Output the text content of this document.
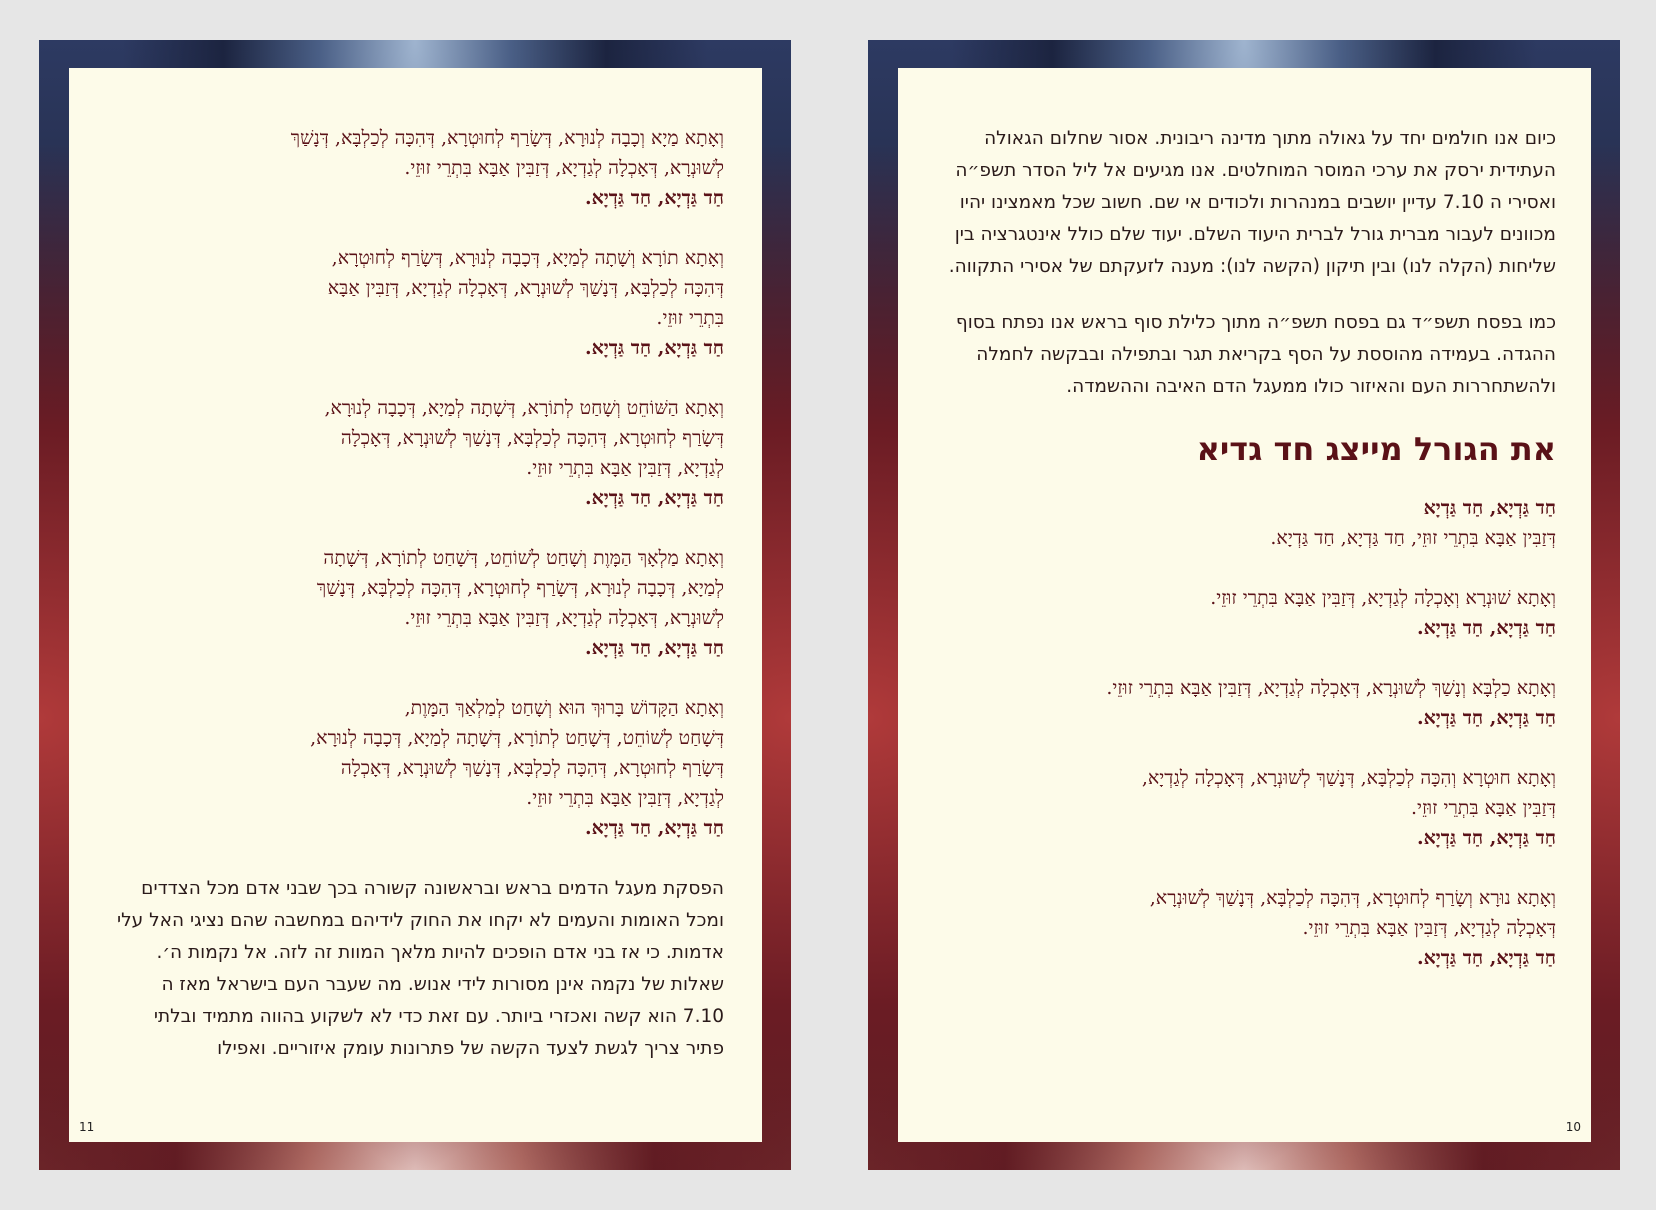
וְאָתָא מַיָא וְכָבָה לְנוּרָא, דְּשָׂרַף לְחוּטְרָא, דְּהִכָּה לְכַלְבָּא, דְּנָשַׁךְ

לְשׁוּנְרָא, דְּאָכְלָה לְגַדְיָא, דְּזַבִּין אַבָּא בִּתְרֵי זוּזֵי.

חַד גַּדְיָא, חַד גַּדְיָא.

וְאָתָא תוֹרָא וְשָׁתָה לְמַיָא, דְּכָבָה לְנוּרָא, דְּשָׂרַף לְחוּטְרָא,

דְּהִכָּה לְכַלְבָּא, דְּנָשַׁךְ לְשׁוּנְרָא, דְּאָכְלָה לְגַדְיָא, דְּזַבִּין אַבָּא

בִּתְרֵי זוּזֵי.

חַד גַּדְיָא, חַד גַּדְיָא.

וְאָתָא הַשּׁוֹחֵט וְשָׁחַט לְתוֹרָא, דְּשָׁתָה לְמַיָא, דְּכָבָה לְנוּרָא,

דְּשָׂרַף לְחוּטְרָא, דְּהִכָּה לְכַלְבָּא, דְּנָשַׁךְ לְשׁוּנְרָא, דְּאָכְלָה

לְגַדְיָא, דְּזַבִּין אַבָּא בִּתְרֵי זוּזֵי.

חַד גַּדְיָא, חַד גַּדְיָא.

וְאָתָא מַלְאָךְ הַמָּוֶת וְשָׁחַט לְשׁוֹחֵט, דְּשָׁחַט לְתוֹרָא, דְּשָׁתָה

לְמַיָא, דְּכָבָה לְנוּרָא, דְּשָׂרַף לְחוּטְרָא, דְּהִכָּה לְכַלְבָּא, דְּנָשַׁךְ

לְשׁוּנְרָא, דְּאָכְלָה לְגַדְיָא, דְּזַבִּין אַבָּא בִּתְרֵי זוּזֵי.

חַד גַּדְיָא, חַד גַּדְיָא.

וְאָתָא הַקָּדוֹשׁ בָּרוּךְ הוּא וְשָׁחַט לְמַלְאַךְ הַמָּוֶת,

דְּשָׁחַט לְשׁוֹחֵט, דְּשָׁחַט לְתוֹרָא, דְּשָׁתָה לְמַיָא, דְּכָבָה לְנוּרָא,

דְּשָׂרַף לְחוּטְרָא, דְּהִכָּה לְכַלְבָּא, דְּנָשַׁךְ לְשׁוּנְרָא, דְּאָכְלָה

לְגַדְיָא, דְּזַבִּין אַבָּא בִּתְרֵי זוּזֵי.

חַד גַּדְיָא, חַד גַּדְיָא.

הפסקת מעגל הדמים בראש ובראשונה קשורה בכך שבני אדם מכל הצדדים ומכל האומות והעמים לא יקחו את החוק לידיהם במחשבה שהם נציגי האל עלי אדמות. כי אז בני אדם הופכים להיות מלאך המוות זה לזה. אל נקמות ה׳. שאלות של נקמה אינן מסורות לידי אנוש. מה שעבר העם בישראל מאז ה 7.10 הוא קשה ואכזרי ביותר. עם זאת כדי לא לשקוע בהווה מתמיד ובלתי פתיר צריך לגשת לצעד הקשה של פתרונות עומק איזוריים. ואפילו

11

כיום אנו חולמים יחד על גאולה מתוך מדינה ריבונית. אסור שחלום הגאולה העתידית ירסק את ערכי המוסר המוחלטים. אנו מגיעים אל ליל הסדר תשפ״ה ואסירי ה 7.10 עדיין יושבים במנהרות ולכודים אי שם. חשוב שכל מאמצינו יהיו מכוונים לעבור מברית גורל לברית היעוד השלם. יעוד שלם כולל אינטגרציה בין שליחות (הקלה לנו) ובין תיקון (הקשה לנו): מענה לזעקתם של אסירי התקווה.

כמו בפסח תשפ״ד גם בפסח תשפ״ה מתוך כלילת סוף בראש אנו נפתח בסוף ההגדה. בעמידה מהוססת על הסף בקריאת תגר ובתפילה ובבקשה לחמלה ולהשתחררות העם והאיזור כולו ממעגל הדם האיבה וההשמדה.

את הגורל מייצג חד גדיא

חַד גַּדְיָא, חַד גַּדְיָא

דְּזַבִּין אַבָּא בִּתְרֵי זוּזֵי, חַד גַּדְיָא, חַד גַּדְיָא.

וְאָתָא שׁוּנְרָא וְאָכְלָה לְגַדְיָא, דְּזַבִּין אַבָּא בִּתְרֵי זוּזֵי.

חַד גַּדְיָא, חַד גַּדְיָא.

וְאָתָא כַלְבָּא וְנָשַׁךְ לְשׁוּנְרָא, דְּאָכְלָה לְגַדְיָא, דְּזַבִּין אַבָּא בִּתְרֵי זוּזֵי.

חַד גַּדְיָא, חַד גַּדְיָא.

וְאָתָא חוּטְרָא וְהִכָּה לְכַלְבָּא, דְּנָשַׁךְ לְשׁוּנְרָא, דְּאָכְלָה לְגַדְיָא,

דְּזַבִּין אַבָּא בִּתְרֵי זוּזֵי.

חַד גַּדְיָא, חַד גַּדְיָא.

וְאָתָא נוּרָא וְשָׂרַף לְחוּטְרָא, דְּהִכָּה לְכַלְבָּא, דְּנָשַׁךְ לְשׁוּנְרָא,

דְּאָכְלָה לְגַדְיָא, דְּזַבִּין אַבָּא בִּתְרֵי זוּזֵי.

חַד גַּדְיָא, חַד גַּדְיָא.

10
